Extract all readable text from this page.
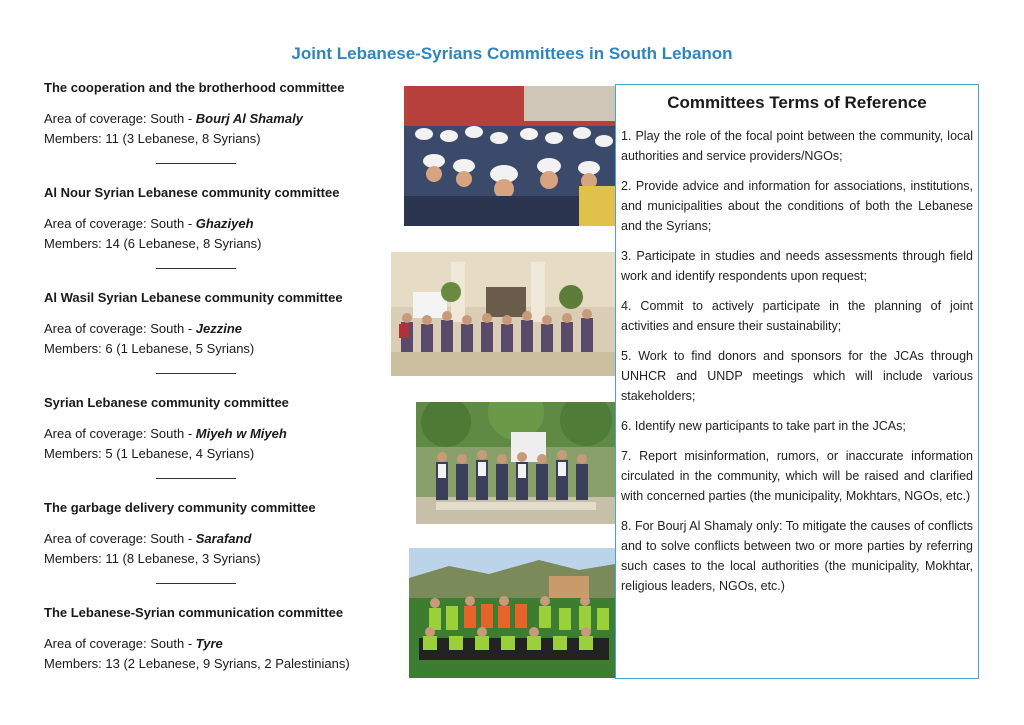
Joint Lebanese-Syrians Committees in South Lebanon

The cooperation and the brotherhood committee

Area of coverage: South - Bourj Al Shamaly

Members: 11 (3 Lebanese, 8 Syrians)

Al Nour Syrian Lebanese community committee

Area of coverage: South - Ghaziyeh

Members: 14 (6 Lebanese, 8 Syrians)

Al Wasil Syrian Lebanese community committee

Area of coverage: South - Jezzine

Members: 6 (1 Lebanese, 5 Syrians)

Syrian Lebanese community committee

Area of coverage: South - Miyeh w Miyeh

Members: 5 (1 Lebanese, 4 Syrians)

The garbage delivery community committee

Area of coverage: South - Sarafand

Members: 11 (8 Lebanese, 3 Syrians)

The Lebanese-Syrian communication committee

Area of coverage: South - Tyre

Members: 13 (2 Lebanese, 9 Syrians, 2 Palestinians)

Committees Terms of Reference
1. Play the role of the focal point between the community, local authorities and service providers/NGOs;
2. Provide advice and information for associations, institutions, and municipalities about the conditions of both the Lebanese and the Syrians;
3. Participate in studies and needs assessments through field work and identify respondents upon request;
4. Commit to actively participate in the planning of joint activities and ensure their sustainability;
5. Work to find donors and sponsors for the JCAs through UNHCR and UNDP meetings which will include various stakeholders;
6. Identify new participants to take part in the JCAs;
7. Report misinformation, rumors, or inaccurate information circulated in the community, which will be raised and clarified with concerned parties (the municipality, Mokhtars, NGOs, etc.)
8. For Bourj Al Shamaly only: To mitigate the causes of conflicts and to solve conflicts between two or more parties by referring such cases to the local authorities (the municipality, Mokhtar, religious leaders, NGOs, etc.)
